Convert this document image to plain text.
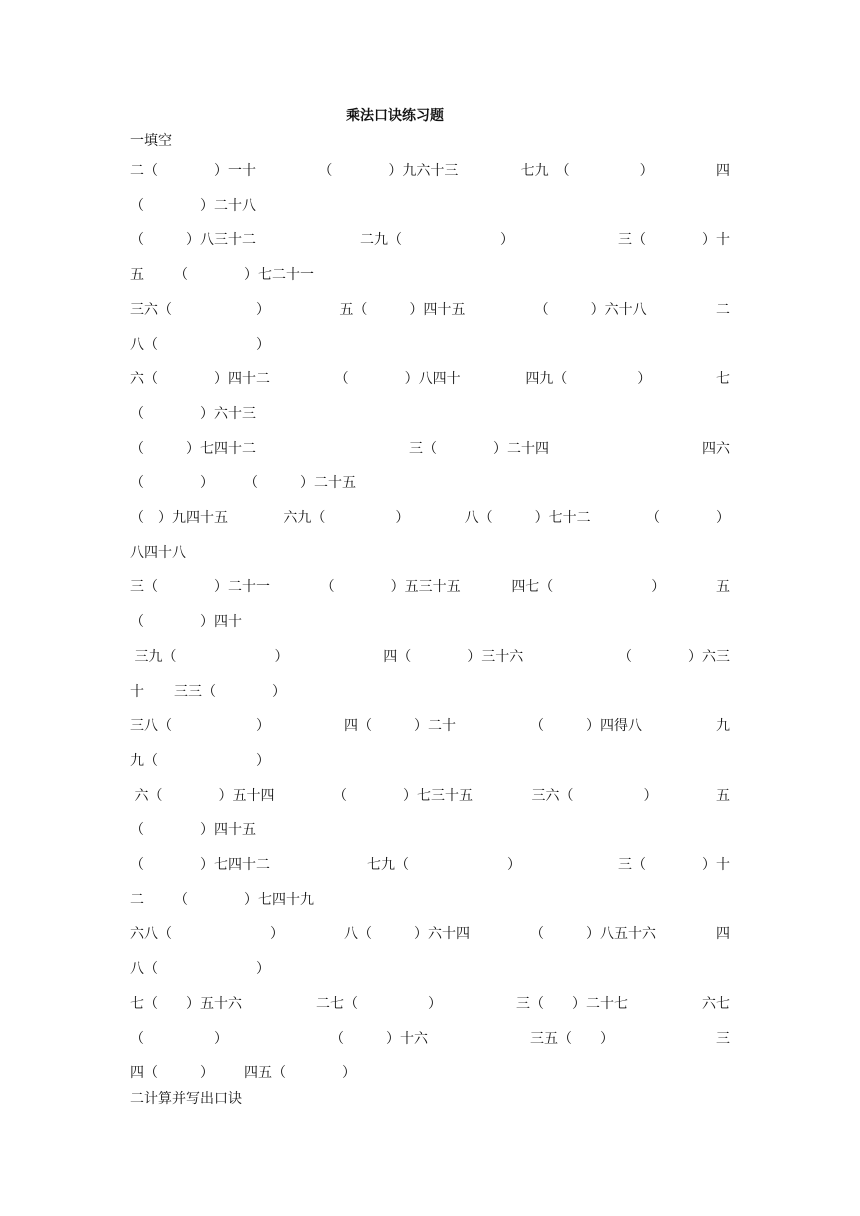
乘法口诀练习题
一填空
二（　　　　）一十	（　　　　）九六十三	七九　（　　　　　）	四
（　　　　）二十八
（　　　）八三十二	二九（　　　　　　　）	三（　　　　）十
五 （　　　　）七二十一
三六（　　　　　　）	五（　　　）四十五	（　　　）六十八	二
八（　　　　　　　）
六（　　　　）四十二	（　　　　）八四十	四九（　　　　　）	七
（　　　　）六十三
（　　　）七四十二	三（　　　　）二十四	四六
（　　　　） （　　　）二十五
（　）九四十五	六九（　　　　　）	八（　　　）七十二	（　　　　）
八四十八
三（　　　　）二十一	（　　　　）五三十五	四七（　　　　　　　）	五
（　　　　）四十
三九（　　　　　　　）	四（　　　　）三十六	（　　　　）六三
十 三三（　　　　）
三八（　　　　　　）	四（　　　）二十	（　　　）四得八	九
九（　　　　　　　）
六（　　　　）五十四	（　　　　）七三十五	三六（　　　　　）	五
（　　　　）四十五
（　　　　）七四十二	七九（　　　　　　　）	三（　　　　）十
二 （　　　　）七四十九
六八（　　　　　　　）	八（　　　）六十四	（　　　）八五十六	四
八（　　　　　　　）
七（　　）五十六	二七（　　　　　）	三（　　）二十七	六七
（　　　　　）	（　　　）十六	三五（　　）	三
四（　　　） 四五（　　　　）
二计算并写出口诀
